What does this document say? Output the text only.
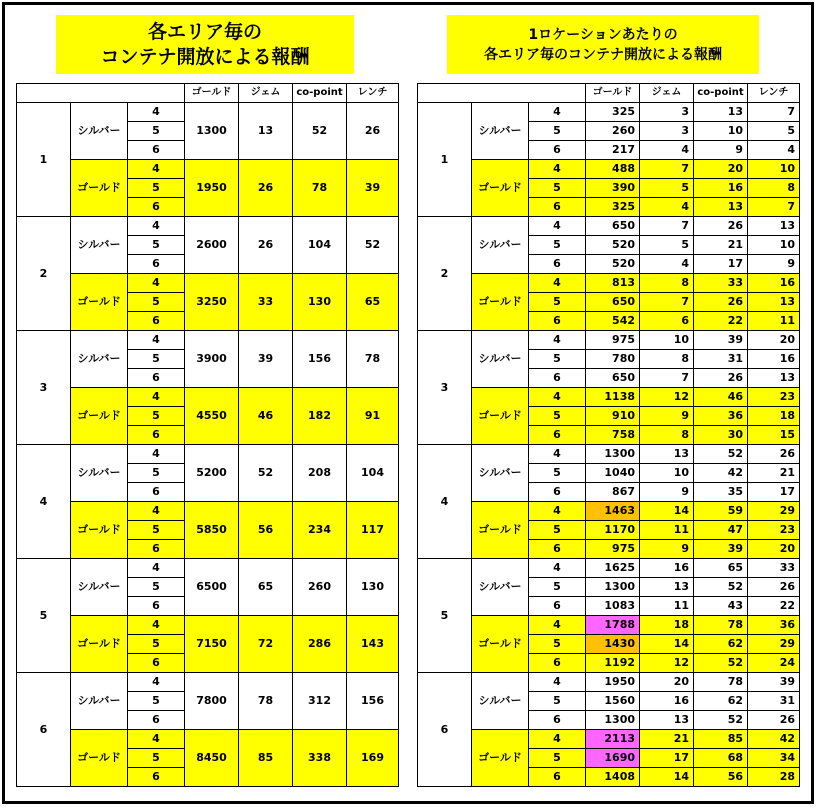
各エリア毎の
コンテナ開放による報酬
1ロケーションあたりの
各エリア毎のコンテナ開放による報酬
			ゴールド	ジェム	co-point	レンチ
1	シルバー	4	1300	13	52	26
		5				
		6				
	ゴールド	4	1950	26	78	39
		5				
		6				
2	シルバー	4	2600	26	104	52
		5				
		6				
	ゴールド	4	3250	33	130	65
		5				
		6				
3	シルバー	4	3900	39	156	78
		5				
		6				
	ゴールド	4	4550	46	182	91
		5				
		6				
4	シルバー	4	5200	52	208	104
		5				
		6				
	ゴールド	4	5850	56	234	117
		5				
		6				
5	シルバー	4	6500	65	260	130
		5				
		6				
	ゴールド	4	7150	72	286	143
		5				
		6				
6	シルバー	4	7800	78	312	156
		5				
		6				
	ゴールド	4	8450	85	338	169
		5				
		6				
			ゴールド	ジェム	co-point	レンチ
1	シルバー	4	325	3	13	7
		5	260	3	10	5
		6	217	4	9	4
	ゴールド	4	488	7	20	10
		5	390	5	16	8
		6	325	4	13	7
2	シルバー	4	650	7	26	13
		5	520	5	21	10
		6	520	4	17	9
	ゴールド	4	813	8	33	16
		5	650	7	26	13
		6	542	6	22	11
3	シルバー	4	975	10	39	20
		5	780	8	31	16
		6	650	7	26	13
	ゴールド	4	1138	12	46	23
		5	910	9	36	18
		6	758	8	30	15
4	シルバー	4	1300	13	52	26
		5	1040	10	42	21
		6	867	9	35	17
	ゴールド	4	1463	14	59	29
		5	1170	11	47	23
		6	975	9	39	20
5	シルバー	4	1625	16	65	33
		5	1300	13	52	26
		6	1083	11	43	22
	ゴールド	4	1788	18	78	36
		5	1430	14	62	29
		6	1192	12	52	24
6	シルバー	4	1950	20	78	39
		5	1560	16	62	31
		6	1300	13	52	26
	ゴールド	4	2113	21	85	42
		5	1690	17	68	34
		6	1408	14	56	28
